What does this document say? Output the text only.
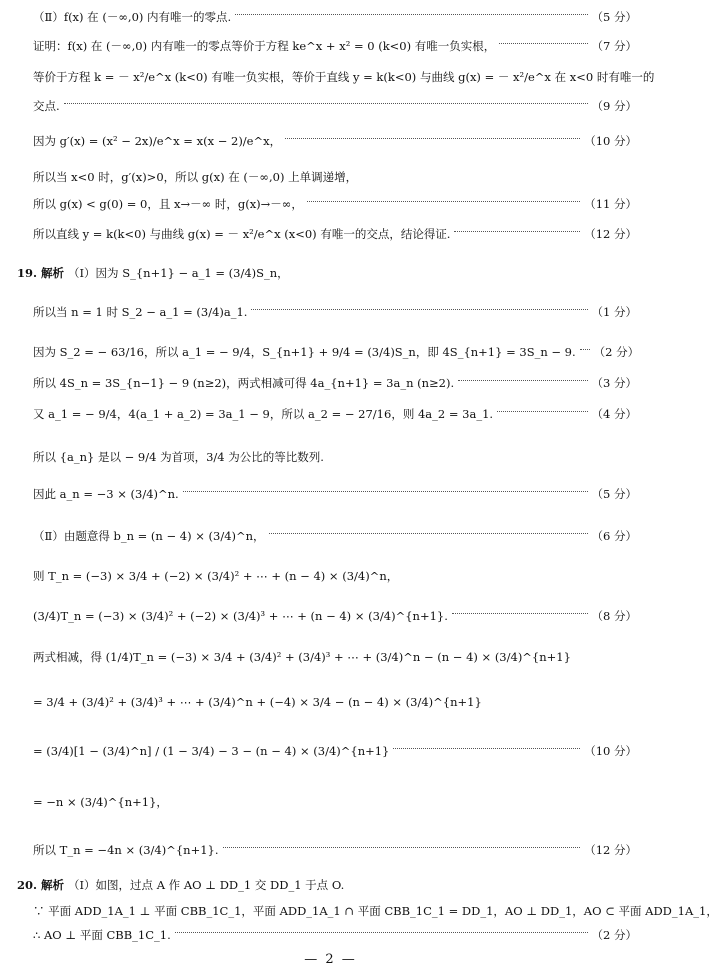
（Ⅱ）f(x) 在 (－∞,0) 内有唯一的零点.	（5 分）
证明：f(x) 在 (－∞,0) 内有唯一的零点等价于方程 ke^x + x² = 0 (k<0) 有唯一负实根，	（7 分）
等价于方程 k = － x²/e^x (k<0) 有唯一负实根，等价于直线 y = k(k<0) 与曲线 g(x) = － x²/e^x 在 x<0 时有唯一的
交点.	（9 分）
因为 g′(x) = (x² − 2x)/e^x = x(x − 2)/e^x，	（10 分）
所以当 x<0 时，g′(x)>0，所以 g(x) 在 (－∞,0) 上单调递增，
所以 g(x) < g(0) = 0，且 x→－∞ 时，g(x)→－∞，	（11 分）
所以直线 y = k(k<0) 与曲线 g(x) = － x²/e^x (x<0) 有唯一的交点，结论得证.	（12 分）
19. 解析 （Ⅰ）因为 S_{n+1} − a_1 = (3/4)S_n，
所以当 n = 1 时 S_2 − a_1 = (3/4)a_1.	（1 分）
因为 S_2 = − 63/16，所以 a_1 = − 9/4，S_{n+1} + 9/4 = (3/4)S_n，即 4S_{n+1} = 3S_n − 9. （2 分）
所以 4S_n = 3S_{n−1} − 9 (n≥2)，两式相减可得 4a_{n+1} = 3a_n (n≥2).	（3 分）
又 a_1 = − 9/4，4(a_1 + a_2) = 3a_1 − 9，所以 a_2 = − 27/16，则 4a_2 = 3a_1.	（4 分）
所以 {a_n} 是以 − 9/4 为首项，3/4 为公比的等比数列.
因此 a_n = −3 × (3/4)^n.	（5 分）
（Ⅱ）由题意得 b_n = (n − 4) × (3/4)^n，	（6 分）
则 T_n = (−3) × 3/4 + (−2) × (3/4)² + ⋯ + (n − 4) × (3/4)^n，
(3/4)T_n = (−3) × (3/4)² + (−2) × (3/4)³ + ⋯ + (n − 4) × (3/4)^{n+1}.	（8 分）
两式相减，得 (1/4)T_n = (−3) × 3/4 + (3/4)² + (3/4)³ + ⋯ + (3/4)^n − (n − 4) × (3/4)^{n+1}
= 3/4 + (3/4)² + (3/4)³ + ⋯ + (3/4)^n + (−4) × 3/4 − (n − 4) × (3/4)^{n+1}
= (3/4)[1 − (3/4)^n] / (1 − 3/4) − 3 − (n − 4) × (3/4)^{n+1}	（10 分）
= −n × (3/4)^{n+1}，
所以 T_n = −4n × (3/4)^{n+1}.	（12 分）
20. 解析 （Ⅰ）如图，过点 A 作 AO ⊥ DD_1 交 DD_1 于点 O.
∵ 平面 ADD_1A_1 ⊥ 平面 CBB_1C_1，平面 ADD_1A_1 ∩ 平面 CBB_1C_1 = DD_1，AO ⊥ DD_1，AO ⊂ 平面 ADD_1A_1，
∴ AO ⊥ 平面 CBB_1C_1.	（2 分）
— 2 —
